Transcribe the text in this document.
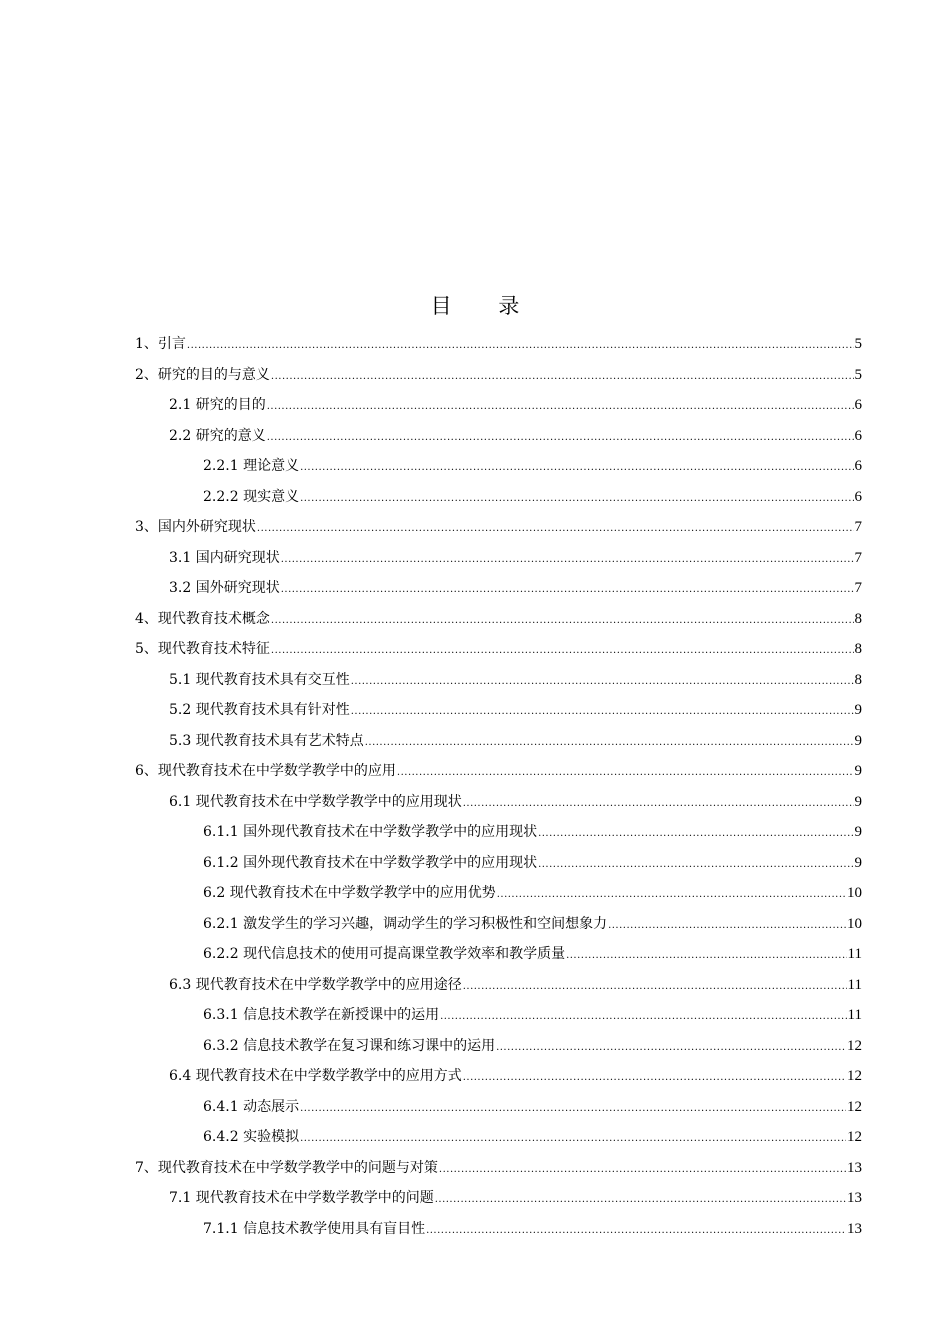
目 录
1、引言 .....	5
2、研究的目的与意义 .....	5
2.1 研究的目的 .....	6
2.2 研究的意义 .....	6
2.2.1 理论意义 .....	6
2.2.2 现实意义 .....	6
3、国内外研究现状 .....	7
3.1 国内研究现状 .....	7
3.2 国外研究现状 .....	7
4、现代教育技术概念 .....	8
5、现代教育技术特征 .....	8
5.1 现代教育技术具有交互性 .....	8
5.2 现代教育技术具有针对性 .....	9
5.3 现代教育技术具有艺术特点 .....	9
6、现代教育技术在中学数学教学中的应用 .....	9
6.1 现代教育技术在中学数学教学中的应用现状 .....	9
6.1.1 国外现代教育技术在中学数学教学中的应用现状 .....	9
6.1.2 国外现代教育技术在中学数学教学中的应用现状 .....	9
6.2 现代教育技术在中学数学教学中的应用优势 .....	10
6.2.1 激发学生的学习兴趣，调动学生的学习积极性和空间想象力 .....	10
6.2.2 现代信息技术的使用可提高课堂教学效率和教学质量 .....	11
6.3 现代教育技术在中学数学教学中的应用途径 .....	11
6.3.1 信息技术教学在新授课中的运用 .....	11
6.3.2 信息技术教学在复习课和练习课中的运用 .....	12
6.4 现代教育技术在中学数学教学中的应用方式 .....	12
6.4.1 动态展示 .....	12
6.4.2 实验模拟 .....	12
7、现代教育技术在中学数学教学中的问题与对策 .....	13
7.1 现代教育技术在中学数学教学中的问题 .....	13
7.1.1 信息技术教学使用具有盲目性 .....	13
